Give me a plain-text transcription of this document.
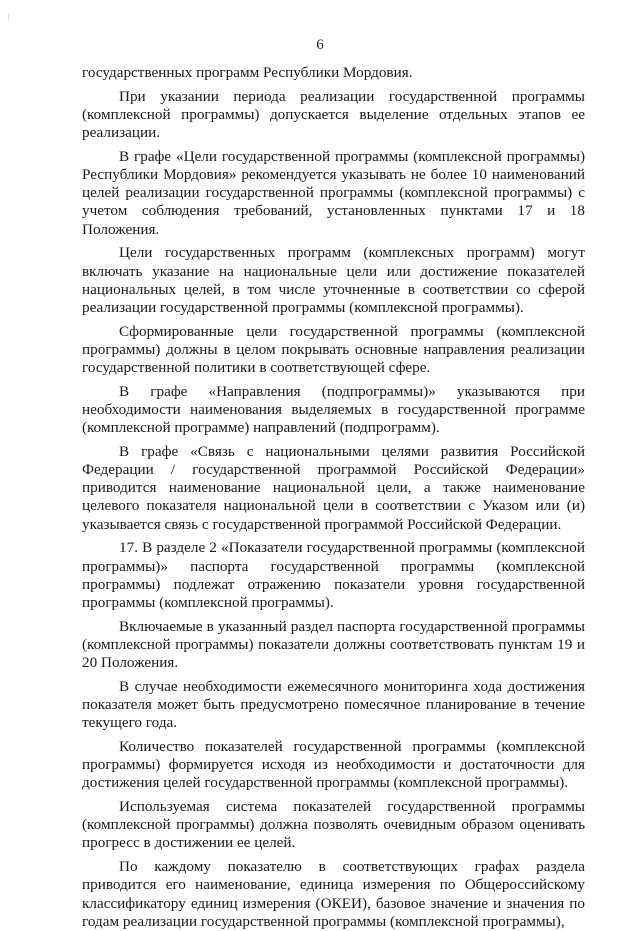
6

государственных программ Республики Мордовия.

При указании периода реализации государственной программы (комплексной программы) допускается выделение отдельных этапов ее реализации.

В графе «Цели государственной программы (комплексной программы) Республики Мордовия» рекомендуется указывать не более 10 наименований целей реализации государственной программы (комплексной программы) с учетом соблюдения требований, установленных пунктами 17 и 18 Положения.

Цели государственных программ (комплексных программ) могут включать указание на национальные цели или достижение показателей национальных целей, в том числе уточненные в соответствии со сферой реализации государственной программы (комплексной программы).

Сформированные цели государственной программы (комплексной программы) должны в целом покрывать основные направления реализации государственной политики в соответствующей сфере.

В графе «Направления (подпрограммы)» указываются при необходимости наименования выделяемых в государственной программе (комплексной программе) направлений (подпрограмм).

В графе «Связь с национальными целями развития Российской Федерации / государственной программой Российской Федерации» приводится наименование национальной цели, а также наименование целевого показателя национальной цели в соответствии с Указом или (и) указывается связь с государственной программой Российской Федерации.

17. В разделе 2 «Показатели государственной программы (комплексной программы)» паспорта государственной программы (комплексной программы) подлежат отражению показатели уровня государственной программы (комплексной программы).

Включаемые в указанный раздел паспорта государственной программы (комплексной программы) показатели должны соответствовать пунктам 19 и 20 Положения.

В случае необходимости ежемесячного мониторинга хода достижения показателя может быть предусмотрено помесячное планирование в течение текущего года.

Количество показателей государственной программы (комплексной программы) формируется исходя из необходимости и достаточности для достижения целей государственной программы (комплексной программы).

Используемая система показателей государственной программы (комплексной программы) должна позволять очевидным образом оценивать прогресс в достижении ее целей.

По каждому показателю в соответствующих графах раздела приводится его наименование, единица измерения по Общероссийскому классификатору единиц измерения (ОКЕИ), базовое значение и значения по годам реализации государственной программы (комплексной программы),
